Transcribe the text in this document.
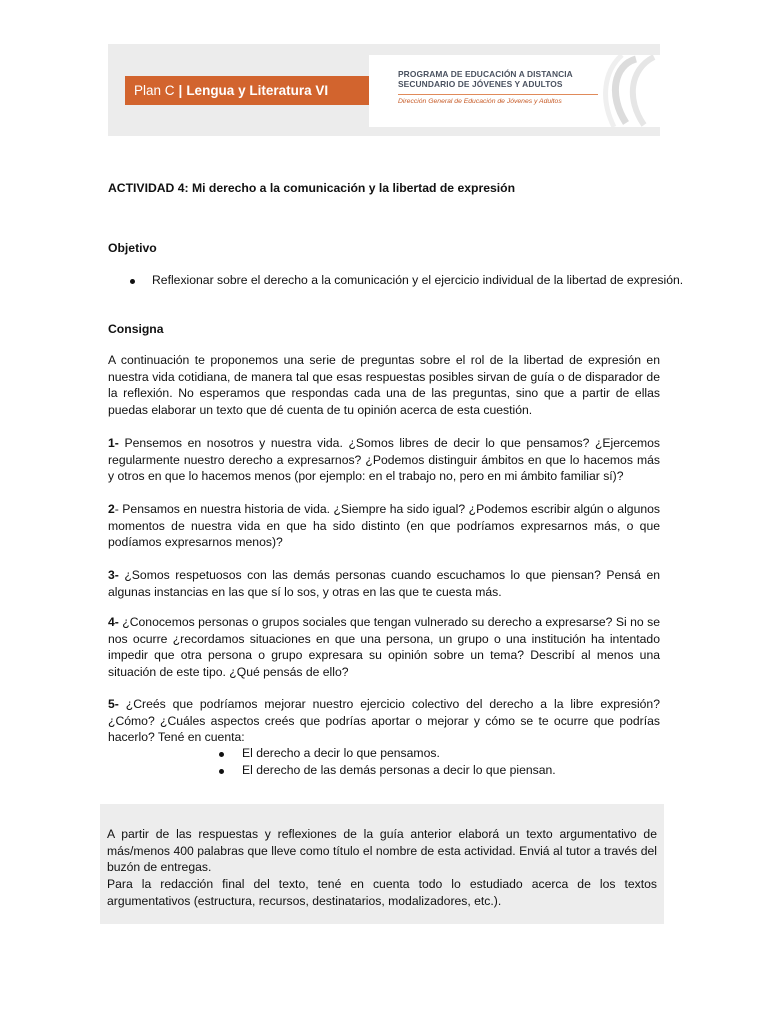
Plan C | Lengua y Literatura VI
PROGRAMA DE EDUCACIÓN A DISTANCIA
SECUNDARIO DE JÓVENES Y ADULTOS
Dirección General de Educación de Jóvenes y Adultos
ACTIVIDAD 4: Mi derecho a la comunicación y la libertad de expresión
Objetivo
Reflexionar sobre el derecho a la comunicación y el ejercicio individual de la libertad de expresión.
Consigna
A continuación te proponemos una serie de preguntas sobre el rol de la libertad de expresión en nuestra vida cotidiana, de manera tal que esas respuestas posibles sirvan de guía o de disparador de la reflexión. No esperamos que respondas cada una de las preguntas, sino que a partir de ellas puedas elaborar un texto que dé cuenta de tu opinión acerca de esta cuestión.
1- Pensemos en nosotros y nuestra vida. ¿Somos libres de decir lo que pensamos? ¿Ejercemos regularmente nuestro derecho a expresarnos? ¿Podemos distinguir ámbitos en que lo hacemos más y otros en que lo hacemos menos (por ejemplo: en el trabajo no, pero en mi ámbito familiar sí)?
2- Pensamos en nuestra historia de vida. ¿Siempre ha sido igual? ¿Podemos escribir algún o algunos momentos de nuestra vida en que ha sido distinto (en que podríamos expresarnos más, o que podíamos expresarnos menos)?
3- ¿Somos respetuosos con las demás personas cuando escuchamos lo que piensan? Pensá en algunas instancias en las que sí lo sos, y otras en las que te cuesta más.
4- ¿Conocemos personas o grupos sociales que tengan vulnerado su derecho a expresarse? Si no se nos ocurre ¿recordamos situaciones en que una persona, un grupo o una institución ha intentado impedir que otra persona o grupo expresara su opinión sobre un tema? Describí al menos una situación de este tipo. ¿Qué pensás de ello?
5- ¿Creés que podríamos mejorar nuestro ejercicio colectivo del derecho a la libre expresión? ¿Cómo? ¿Cuáles aspectos creés que podrías aportar o mejorar y cómo se te ocurre que podrías hacerlo? Tené en cuenta:
El derecho a decir lo que pensamos.
El derecho de las demás personas a decir lo que piensan.
A partir de las respuestas y reflexiones de la guía anterior elaborá un texto argumentativo de más/menos 400 palabras que lleve como título el nombre de esta actividad. Enviá al tutor a través del buzón de entregas.
Para la redacción final del texto, tené en cuenta todo lo estudiado acerca de los textos argumentativos (estructura, recursos, destinatarios, modalizadores, etc.).
